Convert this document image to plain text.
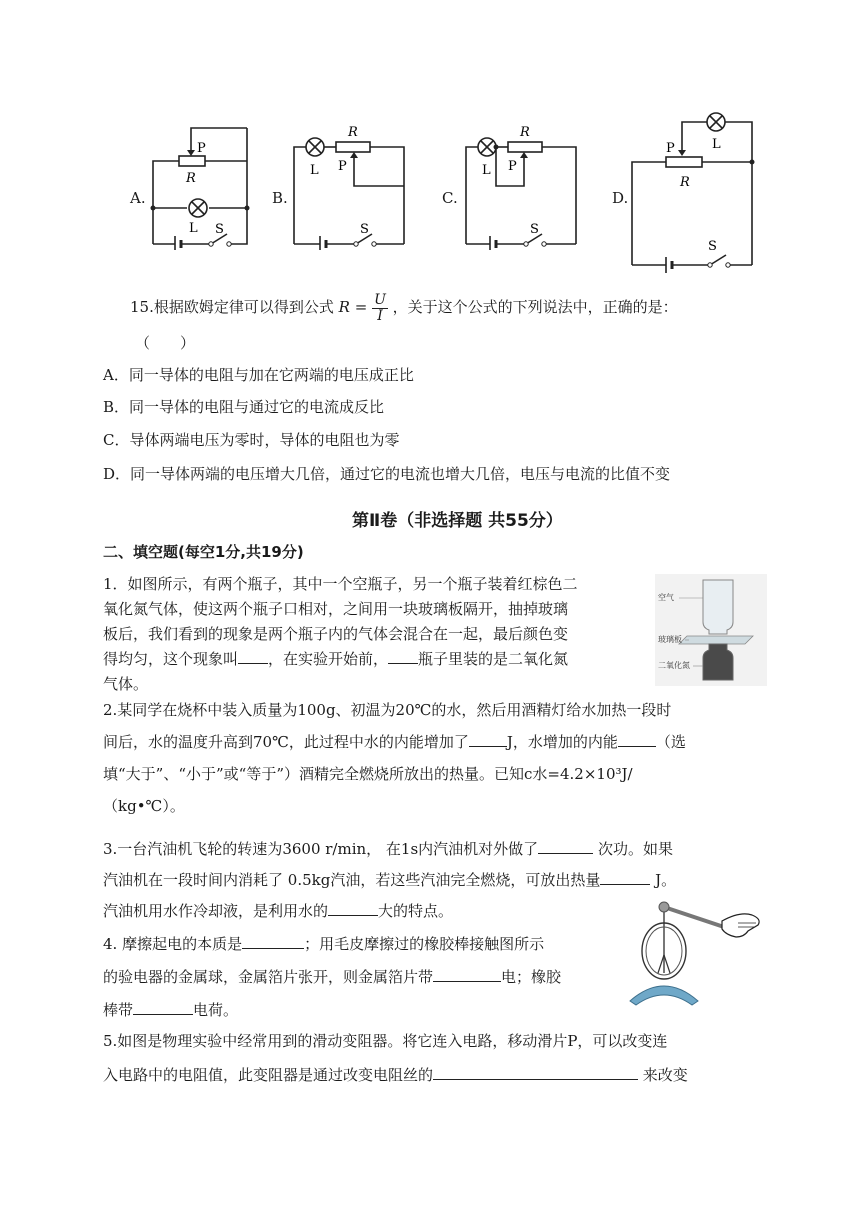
A.
P
R
L S
B.
R
P
L
S
C.
R
P
L
S
D.
P
R
L
S
15.根据欧姆定律可以得到公式 $R = \frac{U}{I}$ ，关于这个公式的下列说法中，正确的是：
（　　）
A．同一导体的电阻与加在它两端的电压成正比
B．同一导体的电阻与通过它的电流成反比
C．导体两端电压为零时，导体的电阻也为零
D．同一导体两端的电压增大几倍，通过它的电流也增大几倍，电压与电流的比值不变
第Ⅱ卷（非选择题 共55分）
二、填空题(每空1分,共19分)
1．如图所示，有两个瓶子，其中一个空瓶子，另一个瓶子装着红棕色二
氧化氮气体，使这两个瓶子口相对，之间用一块玻璃板隔开，抽掉玻璃
板后，我们看到的现象是两个瓶子内的气体会混合在一起，最后颜色变
得均匀，这个现象叫 ，在实验开始前， 瓶子里装的是二氧化氮
气体。
空气
玻璃板
二氧化氮
2.某同学在烧杯中装入质量为100g、初温为20℃的水，然后用酒精灯给水加热一段时
间后，水的温度升高到70℃，此过程中水的内能增加了	J，水增加的内能	（选
填“大于”、“小于”或“等于”）酒精完全燃烧所放出的热量。已知c水=4.2×10³J/
（kg•℃）。
3.一台汽油机飞轮的转速为3600 r/min， 在1s内汽油机对外做了	次功。如果
汽油机在一段时间内消耗了 0.5kg汽油，若这些汽油完全燃烧，可放出热量	J。
汽油机用水作冷却液，是利用水的	大的特点。
4. 摩擦起电的本质是	；用毛皮摩擦过的橡胶棒接触图所示
的验电器的金属球，金属箔片张开，则金属箔片带	电；橡胶
棒带	电荷。
5.如图是物理实验中经常用到的滑动变阻器。将它连入电路，移动滑片P，可以改变连
入电路中的电阻值，此变阻器是通过改变电阻丝的	来改变
